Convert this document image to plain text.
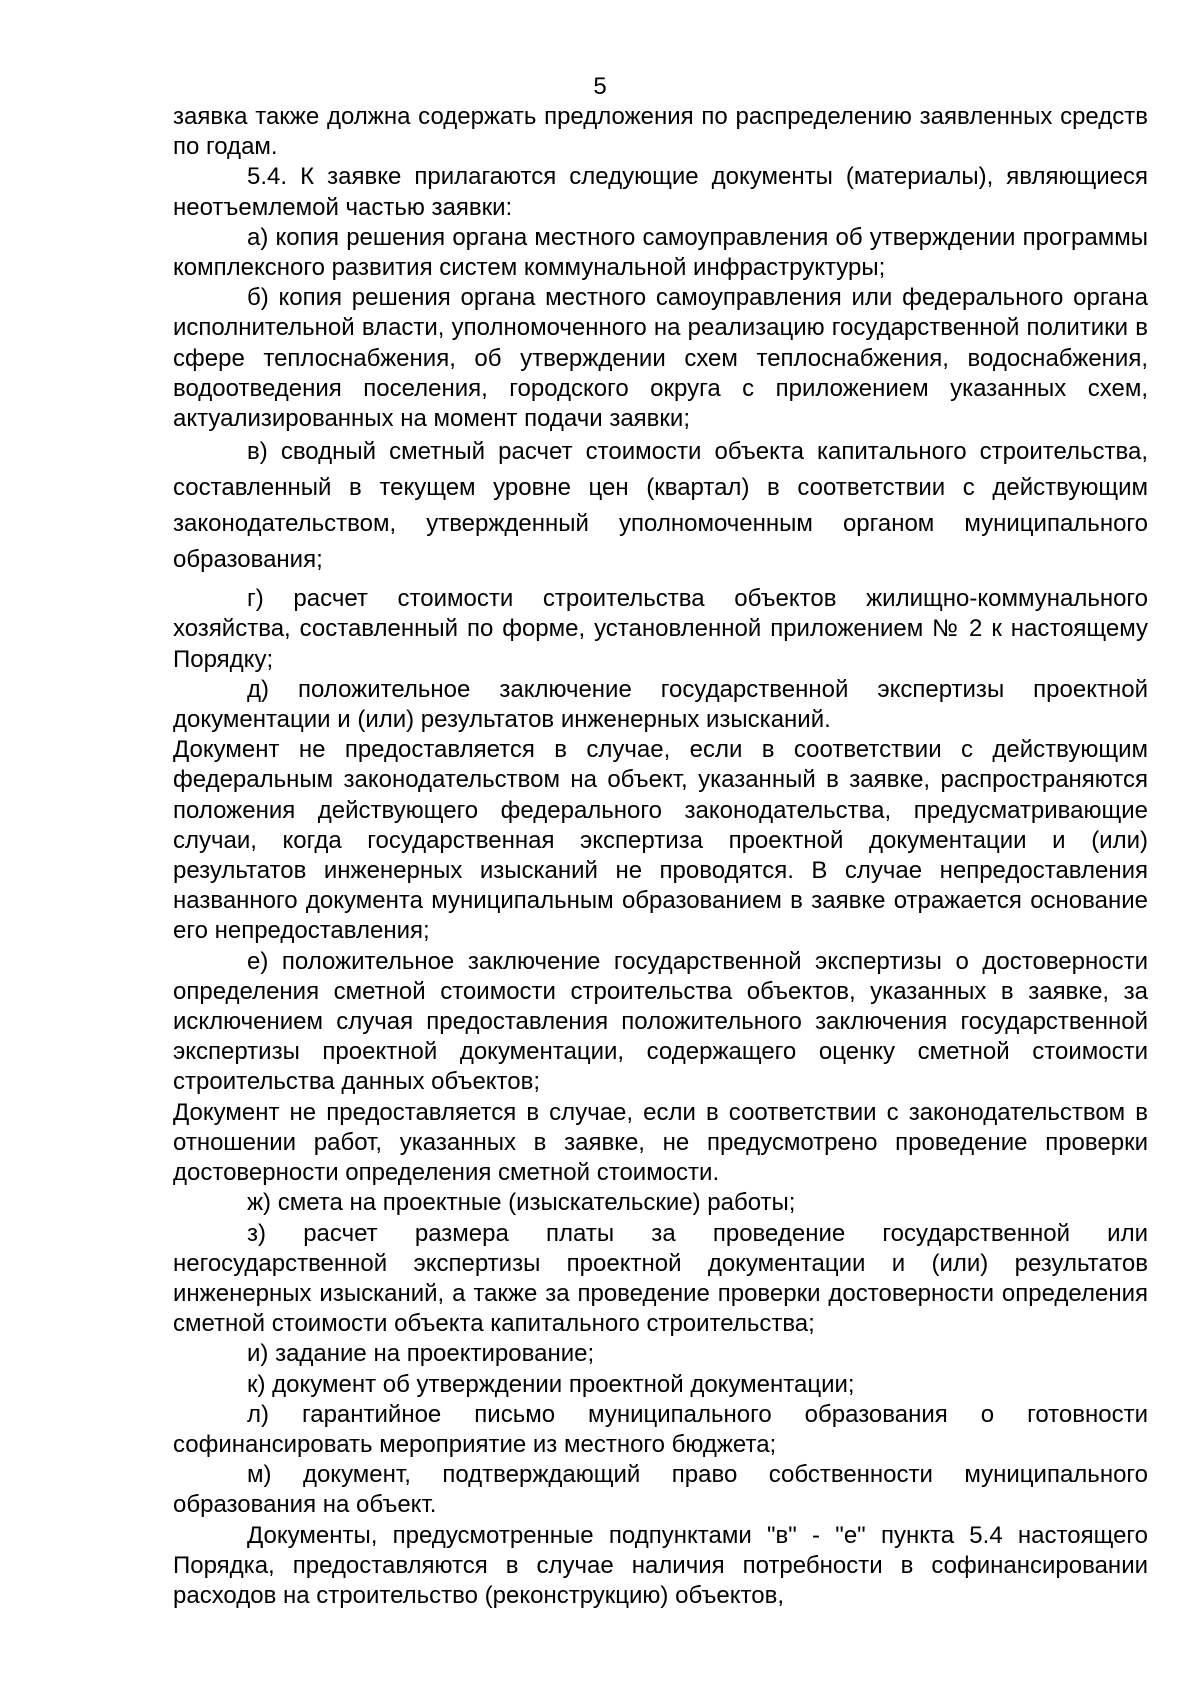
5

заявка также должна содержать предложения по распределению заявленных средств по годам.

5.4. К заявке прилагаются следующие документы (материалы), являющиеся неотъемлемой частью заявки:

а) копия решения органа местного самоуправления об утверждении программы комплексного развития систем коммунальной инфраструктуры;

б) копия решения органа местного самоуправления или федерального органа исполнительной власти, уполномоченного на реализацию государственной политики в сфере теплоснабжения, об утверждении схем теплоснабжения, водоснабжения, водоотведения поселения, городского округа с приложением указанных схем, актуализированных на момент подачи заявки;

в) сводный сметный расчет стоимости объекта капитального строительства, составленный в текущем уровне цен (квартал) в соответствии с действующим законодательством, утвержденный уполномоченным органом муниципального образования;

г) расчет стоимости строительства объектов жилищно-коммунального хозяйства, составленный по форме, установленной приложением № 2 к настоящему Порядку;

д) положительное заключение государственной экспертизы проектной документации и (или) результатов инженерных изысканий.

Документ не предоставляется в случае, если в соответствии с действующим федеральным законодательством на объект, указанный в заявке, распространяются положения действующего федерального законодательства, предусматривающие случаи, когда государственная экспертиза проектной документации и (или) результатов инженерных изысканий не проводятся. В случае непредоставления названного документа муниципальным образованием в заявке отражается основание его непредоставления;

е) положительное заключение государственной экспертизы о достоверности определения сметной стоимости строительства объектов, указанных в заявке, за исключением случая предоставления положительного заключения государственной экспертизы проектной документации, содержащего оценку сметной стоимости строительства данных объектов;

Документ не предоставляется в случае, если в соответствии с законодательством в отношении работ, указанных в заявке, не предусмотрено проведение проверки достоверности определения сметной стоимости.

ж) смета на проектные (изыскательские) работы;

з) расчет размера платы за проведение государственной или негосударственной экспертизы проектной документации и (или) результатов инженерных изысканий, а также за проведение проверки достоверности определения сметной стоимости объекта капитального строительства;

и) задание на проектирование;

к) документ об утверждении проектной документации;

л) гарантийное письмо муниципального образования о готовности софинансировать мероприятие из местного бюджета;

м) документ, подтверждающий право собственности муниципального образования на объект.

Документы, предусмотренные подпунктами "в" - "е" пункта 5.4 настоящего Порядка, предоставляются в случае наличия потребности в софинансировании расходов на строительство (реконструкцию) объектов,
